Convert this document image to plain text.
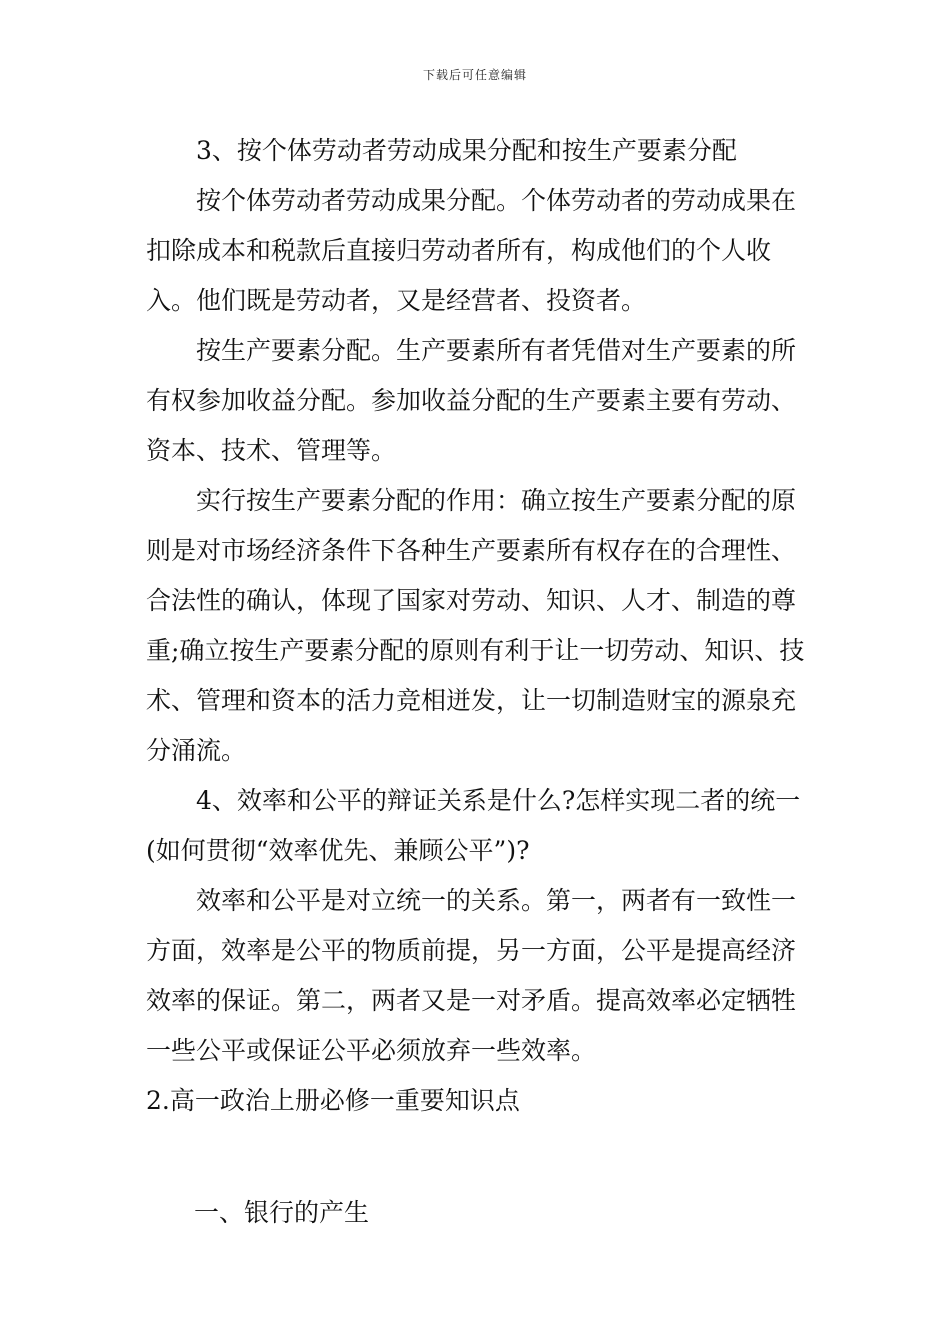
下载后可任意编辑

3、按个体劳动者劳动成果分配和按生产要素分配

按个体劳动者劳动成果分配。个体劳动者的劳动成果在扣除成本和税款后直接归劳动者所有，构成他们的个人收入。他们既是劳动者，又是经营者、投资者。

按生产要素分配。生产要素所有者凭借对生产要素的所有权参加收益分配。参加收益分配的生产要素主要有劳动、资本、技术、管理等。

实行按生产要素分配的作用：确立按生产要素分配的原则是对市场经济条件下各种生产要素所有权存在的合理性、合法性的确认，体现了国家对劳动、知识、人才、制造的尊重;确立按生产要素分配的原则有利于让一切劳动、知识、技术、管理和资本的活力竞相迸发，让一切制造财宝的源泉充分涌流。

4、效率和公平的辩证关系是什么?怎样实现二者的统一(如何贯彻“效率优先、兼顾公平”)?

效率和公平是对立统一的关系。第一，两者有一致性一方面，效率是公平的物质前提，另一方面，公平是提高经济效率的保证。第二，两者又是一对矛盾。提高效率必定牺牲一些公平或保证公平必须放弃一些效率。

2.高一政治上册必修一重要知识点

一、银行的产生
